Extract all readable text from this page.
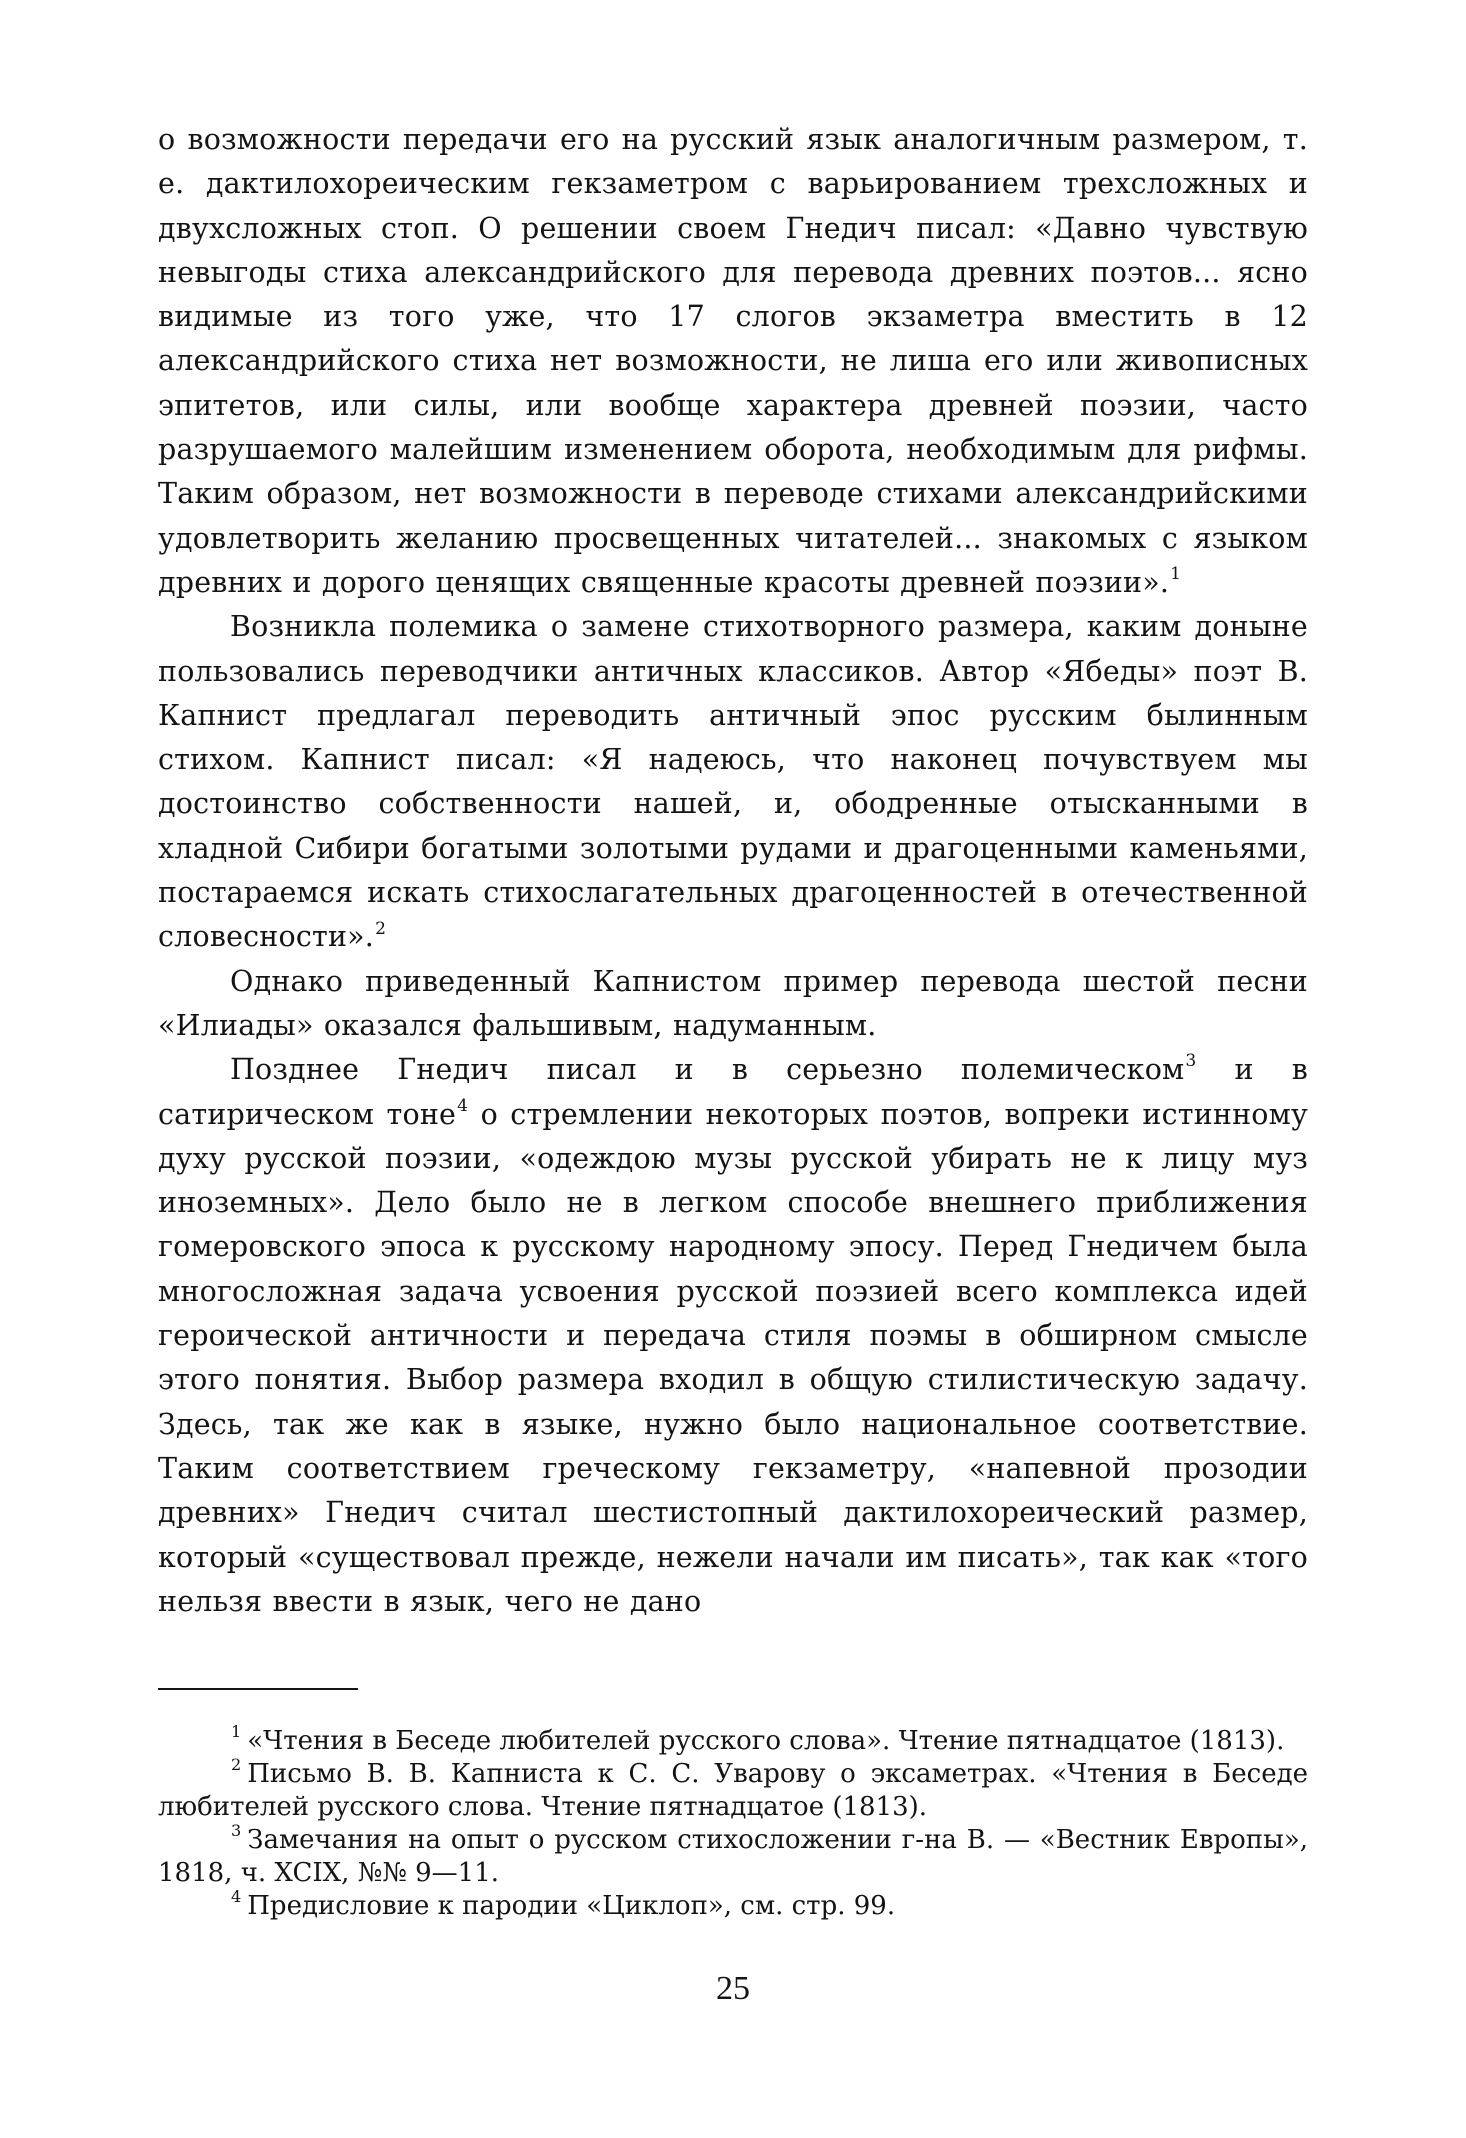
о возможности передачи его на русский язык аналогичным размером, т. е. дактилохореическим гекзаметром с варьированием трехсложных и двухсложных стоп. О решении своем Гнедич писал: «Давно чувствую невыгоды стиха александрийского для перевода древних поэтов... ясно видимые из того уже, что 17 слогов экзаметра вместить в 12 александрийского стиха нет возможности, не лиша его или живописных эпитетов, или силы, или вообще характера древней поэзии, часто разрушаемого малейшим изменением оборота, необходимым для рифмы. Таким образом, нет возможности в переводе стихами александрийскими удовлетворить желанию просвещенных читателей... знакомых с языком древних и дорого ценящих священные красоты древней поэзии».$^1$

Возникла полемика о замене стихотворного размера, каким доныне пользовались переводчики античных классиков. Автор «Ябеды» поэт В. Капнист предлагал переводить античный эпос русским былинным стихом. Капнист писал: «Я надеюсь, что наконец почувствуем мы достоинство собственности нашей, и, ободренные отысканными в хладной Сибири богатыми золотыми рудами и драгоценными каменьями, постараемся искать стихослагательных драгоценностей в отечественной словесности».$^2$

Однако приведенный Капнистом пример перевода шестой песни «Илиады» оказался фальшивым, надуманным.

Позднее Гнедич писал и в серьезно полемическом$^3$ и в сатирическом тоне$^4$ о стремлении некоторых поэтов, вопреки истинному духу русской поэзии, «одеждою музы русской убирать не к лицу муз иноземных». Дело было не в легком способе внешнего приближения гомеровского эпоса к русскому народному эпосу. Перед Гнедичем была многосложная задача усвоения русской поэзией всего комплекса идей героической античности и передача стиля поэмы в обширном смысле этого понятия. Выбор размера входил в общую стилистическую задачу. Здесь, так же как в языке, нужно было национальное соответствие. Таким соответствием греческому гекзаметру, «напевной прозодии древних» Гнедич считал шестистопный дактилохореический размер, который «существовал прежде, нежели начали им писать», так как «того нельзя ввести в язык, чего не дано

$^1$ «Чтения в Беседе любителей русского слова». Чтение пятнадцатое (1813).

$^2$ Письмо В. В. Капниста к С. С. Уварову о эксаметрах. «Чтения в Беседе любителей русского слова. Чтение пятнадцатое (1813).

$^3$ Замечания на опыт о русском стихосложении г-на В. — «Вестник Европы», 1818, ч. XCIX, №№ 9—11.

$^4$ Предисловие к пародии «Циклоп», см. стр. 99.

25
